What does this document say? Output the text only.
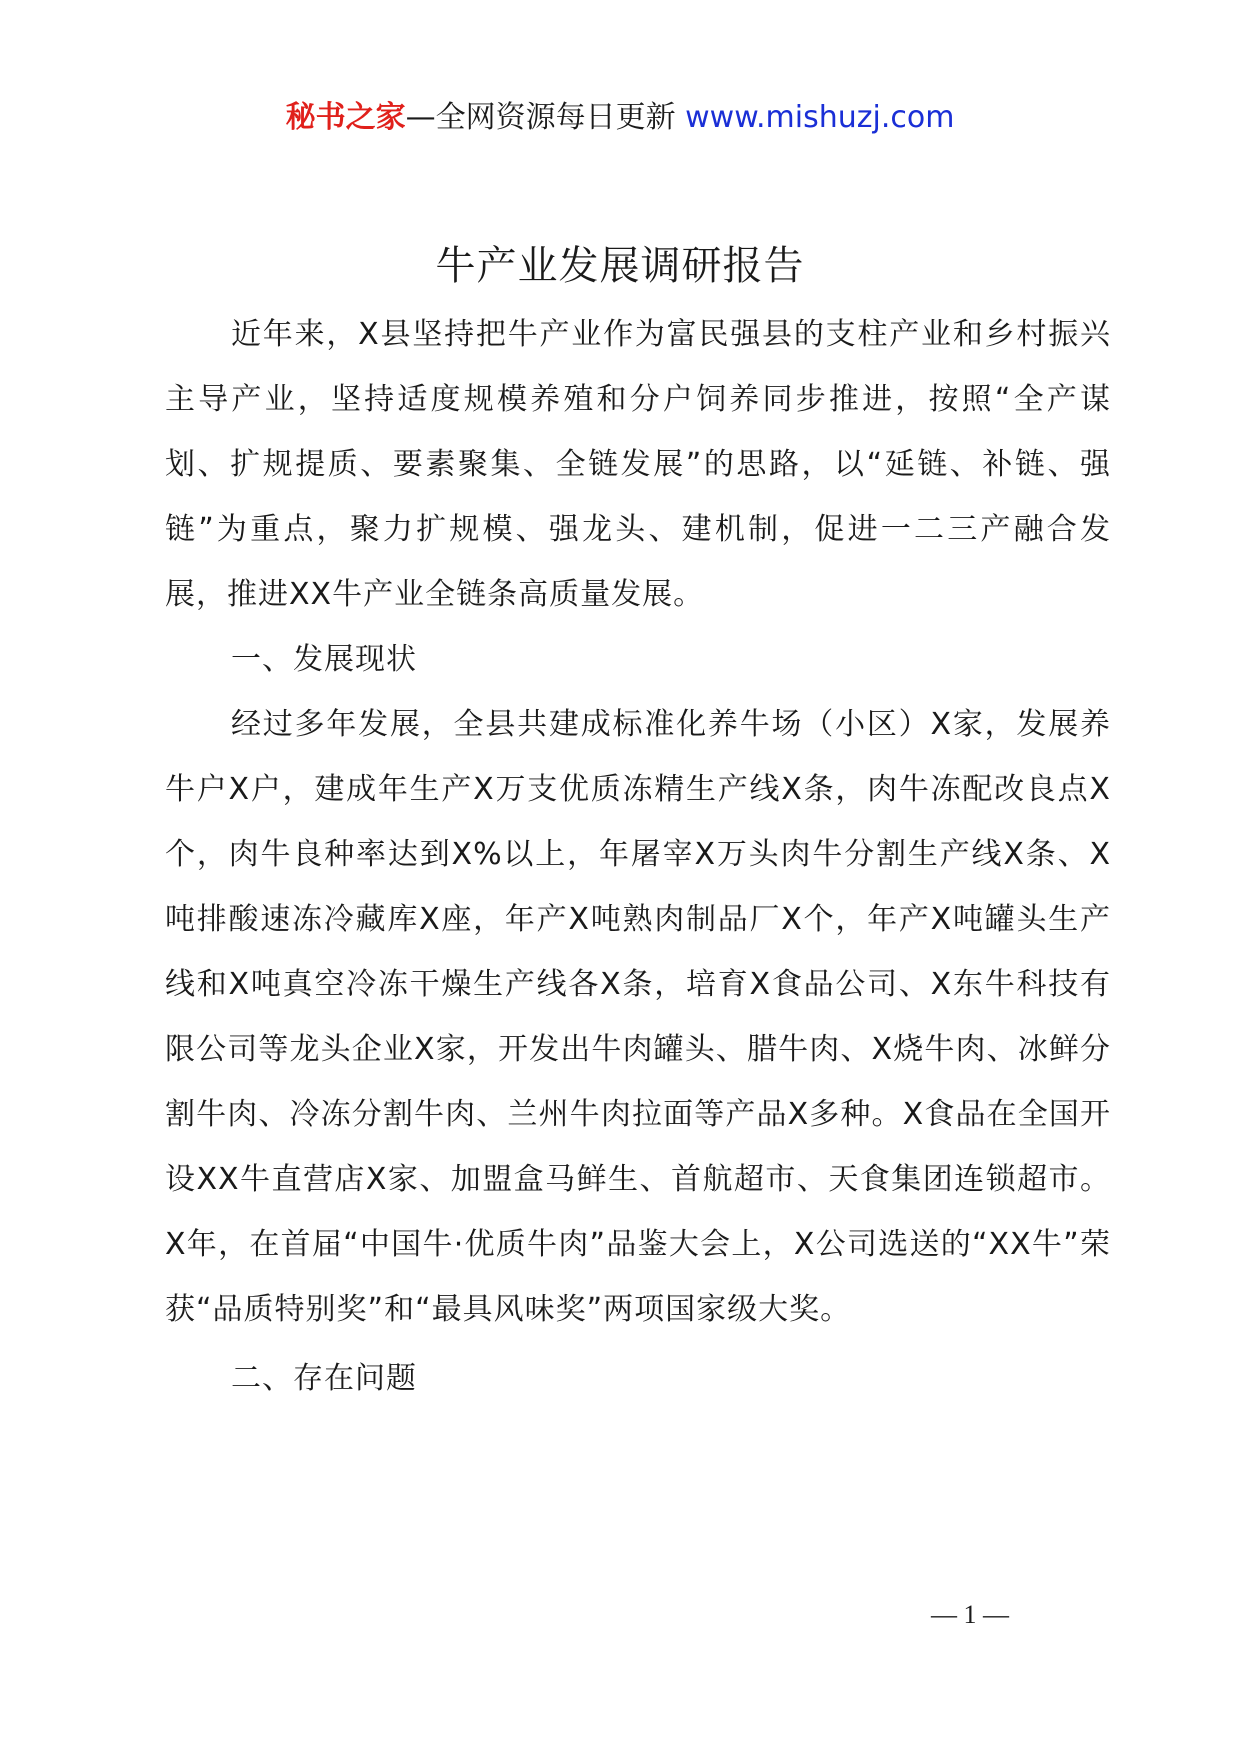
秘书之家—全网资源每日更新 www.mishuzj.com
牛产业发展调研报告

近年来，X县坚持把牛产业作为富民强县的支柱产业和乡村振兴主导产业，坚持适度规模养殖和分户饲养同步推进，按照“全产谋划、扩规提质、要素聚集、全链发展”的思路，以“延链、补链、强链”为重点，聚力扩规模、强龙头、建机制，促进一二三产融合发展，推进XX牛产业全链条高质量发展。

一、发展现状

经过多年发展，全县共建成标准化养牛场（小区）X家，发展养牛户X户，建成年生产X万支优质冻精生产线X条，肉牛冻配改良点X个，肉牛良种率达到X%以上，年屠宰X万头肉牛分割生产线X条、X吨排酸速冻冷藏库X座，年产X吨熟肉制品厂X个，年产X吨罐头生产线和X吨真空冷冻干燥生产线各X条，培育X食品公司、X东牛科技有限公司等龙头企业X家，开发出牛肉罐头、腊牛肉、X烧牛肉、冰鲜分割牛肉、冷冻分割牛肉、兰州牛肉拉面等产品X多种。X食品在全国开设XX牛直营店X家、加盟盒马鲜生、首航超市、天食集团连锁超市。X年，在首届“中国牛·优质牛肉”品鉴大会上，X公司选送的“XX牛”荣获“品质特别奖”和“最具风味奖”两项国家级大奖。

二、存在问题

— 1 —
